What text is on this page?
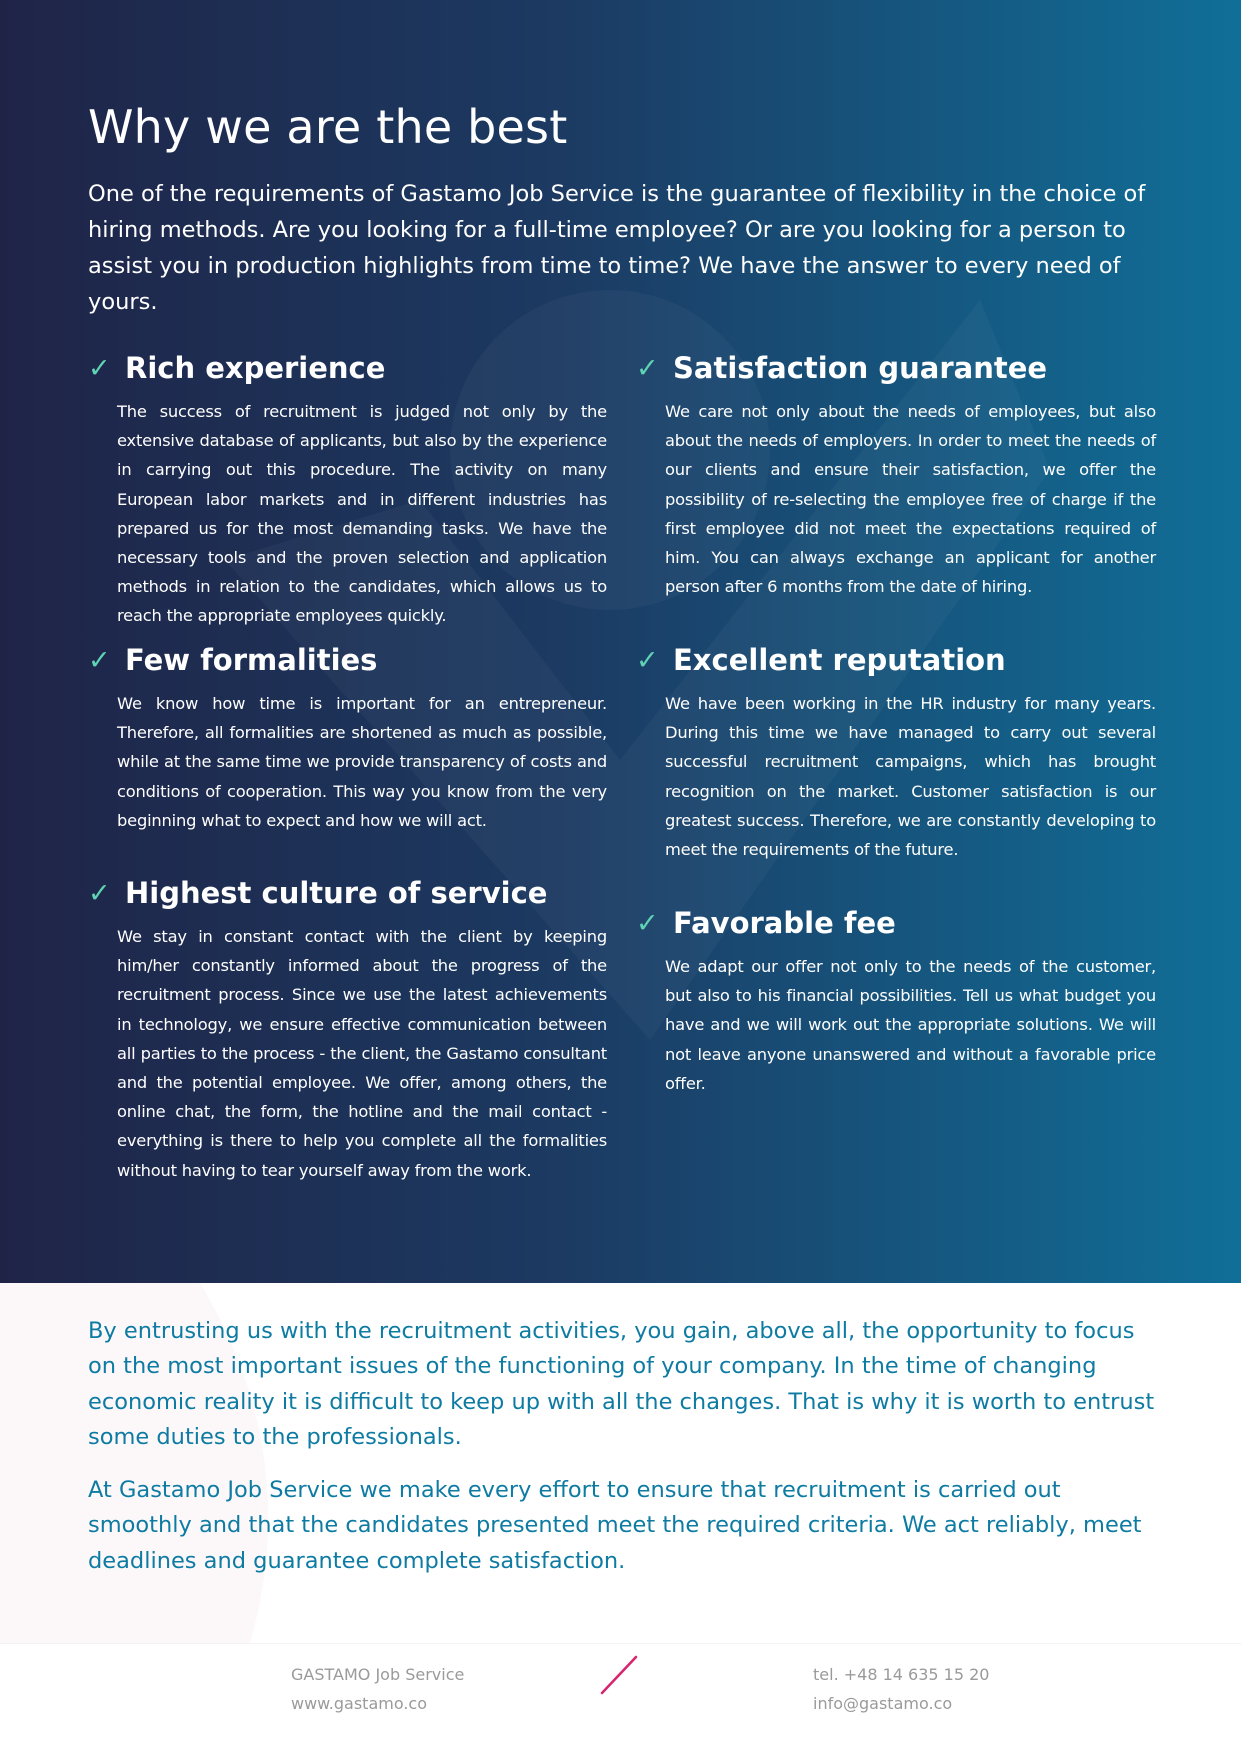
Why we are the best

One of the requirements of Gastamo Job Service is the guarantee of flexibility in the choice of hiring methods. Are you looking for a full-time employee? Or are you looking for a person to assist you in production highlights from time to time? We have the answer to every need of yours.

✓ Rich experience

The success of recruitment is judged not only by the extensive database of applicants, but also by the experience in carrying out this procedure. The activity on many European labor markets and in different industries has prepared us for the most demanding tasks. We have the necessary tools and the proven selection and application methods in relation to the candidates, which allows us to reach the appropriate employees quickly.

✓ Few formalities

We know how time is important for an entrepreneur. Therefore, all formalities are shortened as much as possible, while at the same time we provide transparency of costs and conditions of cooperation. This way you know from the very beginning what to expect and how we will act.

✓ Highest culture of service

We stay in constant contact with the client by keeping him/her constantly informed about the progress of the recruitment process. Since we use the latest achievements in technology, we ensure effective communication between all parties to the process - the client, the Gastamo consultant and the potential employee. We offer, among others, the online chat, the form, the hotline and the mail contact - everything is there to help you complete all the formalities without having to tear yourself away from the work.

✓ Satisfaction guarantee

We care not only about the needs of employees, but also about the needs of employers. In order to meet the needs of our clients and ensure their satisfaction, we offer the possibility of re-selecting the employee free of charge if the first employee did not meet the expectations required of him. You can always exchange an applicant for another person after 6 months from the date of hiring.

✓ Excellent reputation

We have been working in the HR industry for many years. During this time we have managed to carry out several successful recruitment campaigns, which has brought recognition on the market. Customer satisfaction is our greatest success. Therefore, we are constantly developing to meet the requirements of the future.

✓ Favorable fee

We adapt our offer not only to the needs of the customer, but also to his financial possibilities. Tell us what budget you have and we will work out the appropriate solutions. We will not leave anyone unanswered and without a favorable price offer.

By entrusting us with the recruitment activities, you gain, above all, the opportunity to focus on the most important issues of the functioning of your company. In the time of changing economic reality it is difficult to keep up with all the changes. That is why it is worth to entrust some duties to the professionals.

At Gastamo Job Service we make every effort to ensure that recruitment is carried out smoothly and that the candidates presented meet the required criteria. We act reliably, meet deadlines and guarantee complete satisfaction.

GASTAMO Job Service
www.gastamo.co
tel. +48 14 635 15 20
info@gastamo.co
